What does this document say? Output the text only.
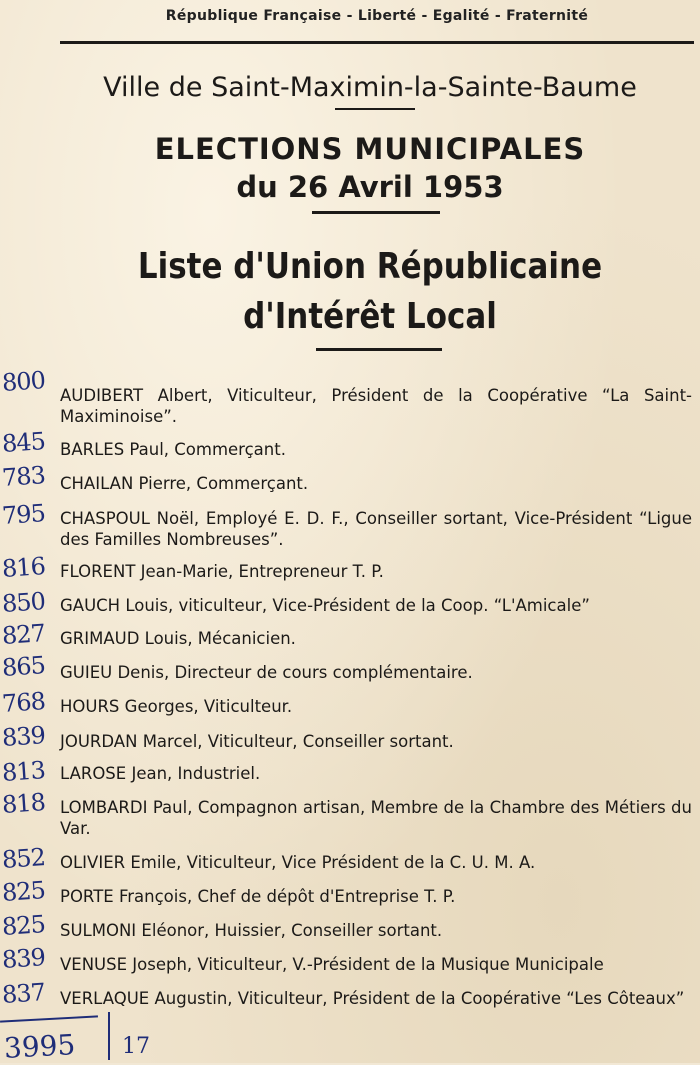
République Française - Liberté - Egalité - Fraternité
Ville de Saint-Maximin-la-Sainte-Baume
ELECTIONS MUNICIPALES
du 26 Avril 1953
Liste d'Union Républicaine
d'Intérêt Local
800 AUDIBERT Albert, Viticulteur, Président de la Coopérative “La Saint-Maximinoise”.
845 BARLES Paul, Commerçant.
783 CHAILAN Pierre, Commerçant.
795 CHASPOUL Noël, Employé E. D. F., Conseiller sortant, Vice-Président “Ligue des Familles Nombreuses”.
816 FLORENT Jean-Marie, Entrepreneur T. P.
850 GAUCH Louis, viticulteur, Vice-Président de la Coop. “L'Amicale”
827 GRIMAUD Louis, Mécanicien.
865 GUIEU Denis, Directeur de cours complémentaire.
768 HOURS Georges, Viticulteur.
839 JOURDAN Marcel, Viticulteur, Conseiller sortant.
813 LAROSE Jean, Industriel.
818 LOMBARDI Paul, Compagnon artisan, Membre de la Chambre des Métiers du Var.
852 OLIVIER Emile, Viticulteur, Vice Président de la C. U. M. A.
825 PORTE François, Chef de dépôt d'Entreprise T. P.
825 SULMONI Eléonor, Huissier, Conseiller sortant.
839 VENUSE Joseph, Viticulteur, V.-Président de la Musique Municipale
837 VERLAQUE Augustin, Viticulteur, Président de la Coopérative “Les Côteaux”
3995 17
